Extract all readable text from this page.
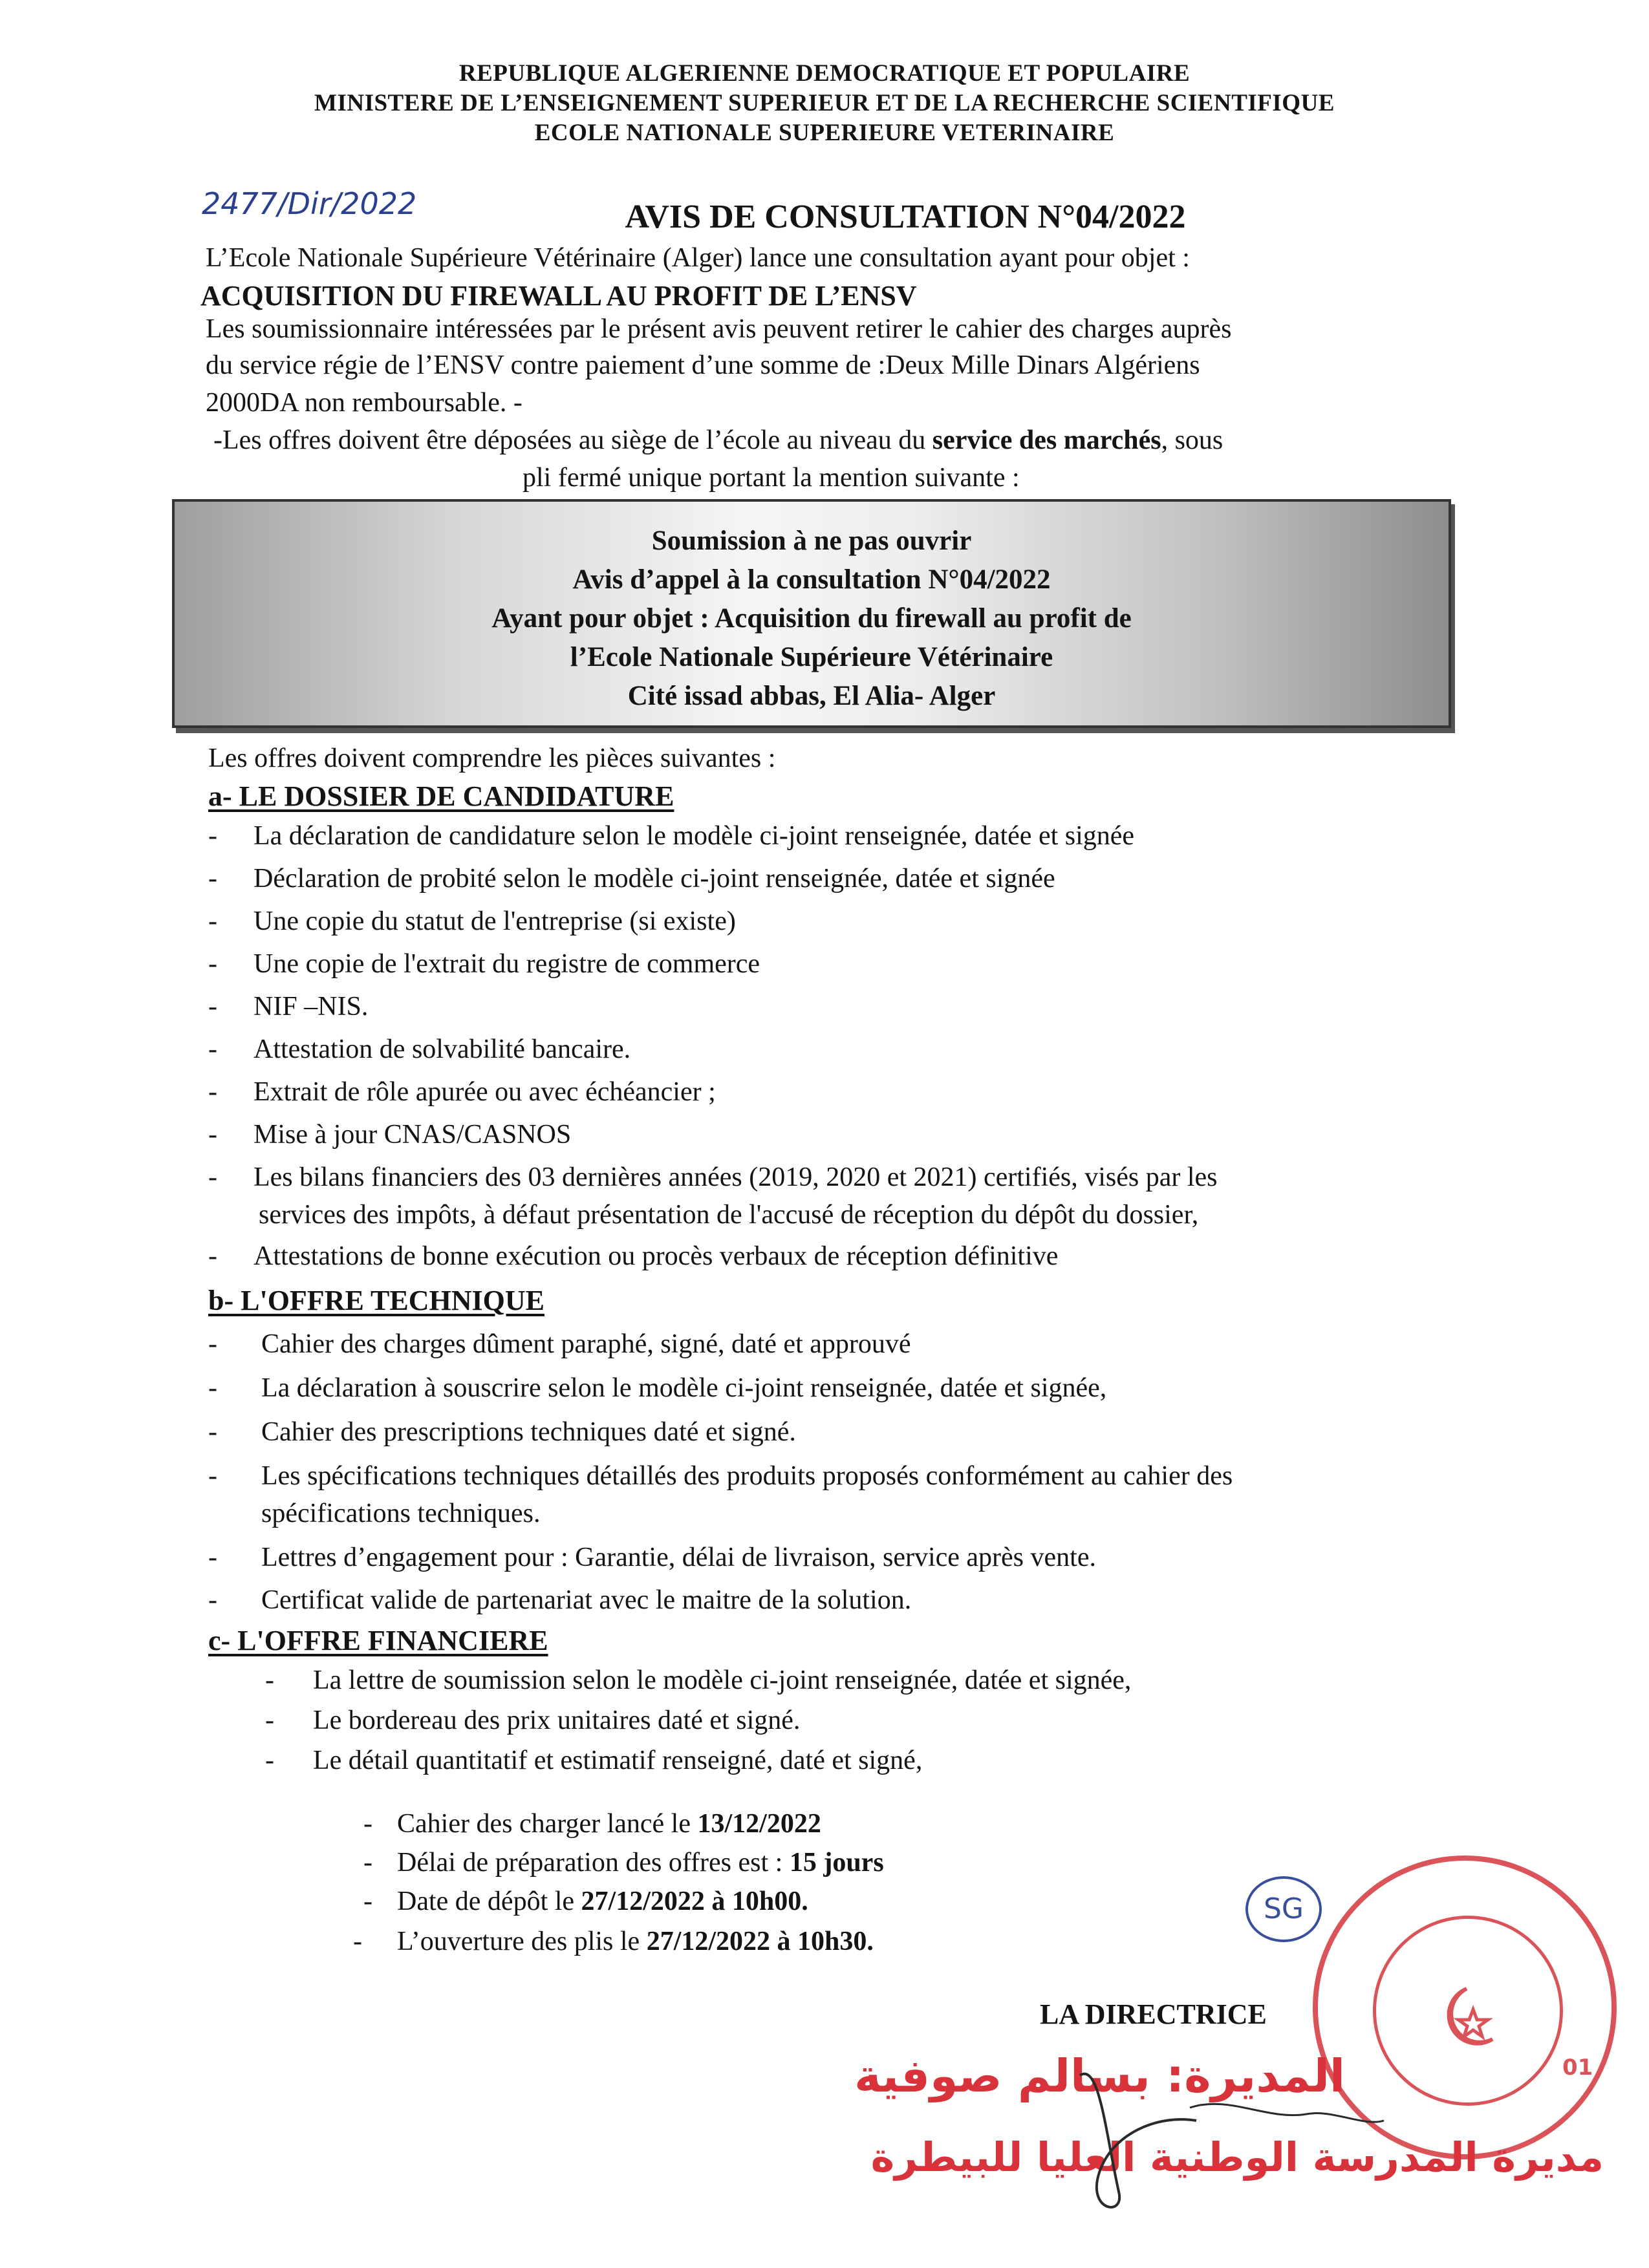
REPUBLIQUE ALGERIENNE DEMOCRATIQUE ET POPULAIRE
MINISTERE DE L’ENSEIGNEMENT SUPERIEUR ET DE LA RECHERCHE SCIENTIFIQUE
ECOLE NATIONALE SUPERIEURE VETERINAIRE
2477/Dir/2022	AVIS DE CONSULTATION N°04/2022
L’Ecole Nationale Supérieure Vétérinaire (Alger) lance une consultation ayant pour objet :
ACQUISITION DU FIREWALL AU PROFIT DE L’ENSV
Les soumissionnaire intéressées par le présent avis peuvent retirer le cahier des charges auprès
du service régie de l’ENSV contre paiement d’une somme de :Deux Mille Dinars Algériens
2000DA non remboursable. -
-Les offres doivent être déposées au siège de l’école au niveau du service des marchés, sous
pli fermé unique portant la mention suivante :
Soumission à ne pas ouvrir
Avis d’appel à la consultation N°04/2022
Ayant pour objet : Acquisition du firewall au profit de
l’Ecole Nationale Supérieure Vétérinaire
Cité issad abbas, El Alia- Alger
Les offres doivent comprendre les pièces suivantes :
a- LE DOSSIER DE CANDIDATURE
- La déclaration de candidature selon le modèle ci-joint renseignée, datée et signée
- Déclaration de probité selon le modèle ci-joint renseignée, datée et signée
- Une copie du statut de l'entreprise (si existe)
- Une copie de l'extrait du registre de commerce
- NIF –NIS.
- Attestation de solvabilité bancaire.
- Extrait de rôle apurée ou avec échéancier ;
- Mise à jour CNAS/CASNOS
- Les bilans financiers des 03 dernières années (2019, 2020 et 2021) certifiés, visés par les
services des impôts, à défaut présentation de l'accusé de réception du dépôt du dossier,
- Attestations de bonne exécution ou procès verbaux de réception définitive
b- L'OFFRE TECHNIQUE
- Cahier des charges dûment paraphé, signé, daté et approuvé
- La déclaration à souscrire selon le modèle ci-joint renseignée, datée et signée,
- Cahier des prescriptions techniques daté et signé.
- Les spécifications techniques détaillés des produits proposés conformément au cahier des
spécifications techniques.
- Lettres d’engagement pour : Garantie, délai de livraison, service après vente.
- Certificat valide de partenariat avec le maitre de la solution.
c- L'OFFRE FINANCIERE
- La lettre de soumission selon le modèle ci-joint renseignée, datée et signée,
- Le bordereau des prix unitaires daté et signé.
- Le détail quantitatif et estimatif renseigné, daté et signé,
- Cahier des charger lancé le 13/12/2022
- Délai de préparation des offres est : 15 jours
- Date de dépôt le 27/12/2022 à 10h00.
- L’ouverture des plis le 27/12/2022 à 10h30.
LA DIRECTRICE
SG
01
المديرة: بسالم صوفية
مديرة المدرسة الوطنية العليا للبيطرة
